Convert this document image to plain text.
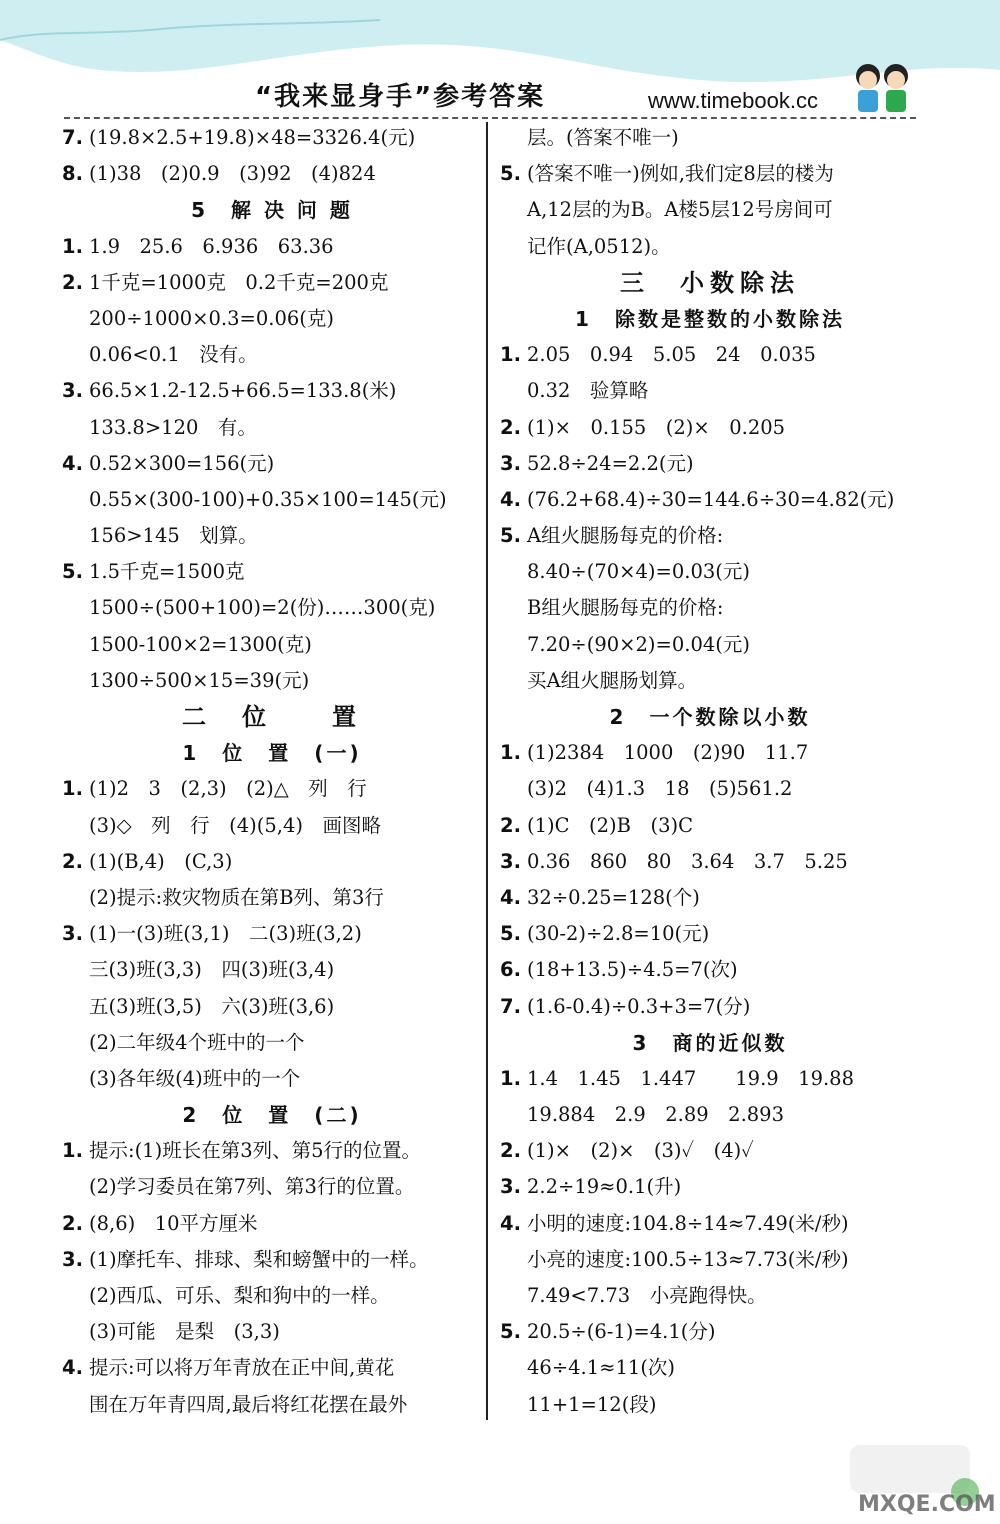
“我来显身手”参考答案	www.timebook.cc
7. (19.8×2.5+19.8)×48=3326.4(元)
8. (1)38　(2)0.9　(3)92　(4)824
5　解 决 问 题
1. 1.9　25.6　6.936　63.36
2. 1千克=1000克　0.2千克=200克
200÷1000×0.3=0.06(克)
0.06<0.1　没有。
3. 66.5×1.2-12.5+66.5=133.8(米)
133.8>120　有。
4. 0.52×300=156(元)
0.55×(300-100)+0.35×100=145(元)
156>145　划算。
5. 1.5千克=1500克
1500÷(500+100)=2(份)……300(克)
1500-100×2=1300(克)
1300÷500×15=39(元)
二　位　　置
1　位　置　(一)
1. (1)2　3　(2,3)　(2)△　列　行
(3)◇　列　行　(4)(5,4)　画图略
2. (1)(B,4)　(C,3)
(2)提示:救灾物质在第B列、第3行
3. (1)一(3)班(3,1)　二(3)班(3,2)
三(3)班(3,3)　四(3)班(3,4)
五(3)班(3,5)　六(3)班(3,6)
(2)二年级4个班中的一个
(3)各年级(4)班中的一个
2　位　置　(二)
1. 提示:(1)班长在第3列、第5行的位置。
(2)学习委员在第7列、第3行的位置。
2. (8,6)　10平方厘米
3. (1)摩托车、排球、梨和螃蟹中的一样。
(2)西瓜、可乐、梨和狗中的一样。
(3)可能　是梨　(3,3)
4. 提示:可以将万年青放在正中间,黄花
围在万年青四周,最后将红花摆在最外
层。(答案不唯一)
5. (答案不唯一)例如,我们定8层的楼为
A,12层的为B。A楼5层12号房间可
记作(A,0512)。
三　小数除法
1　除数是整数的小数除法
1. 2.05　0.94　5.05　24　0.035
0.32　验算略
2. (1)×　0.155　(2)×　0.205
3. 52.8÷24=2.2(元)
4. (76.2+68.4)÷30=144.6÷30=4.82(元)
5. A组火腿肠每克的价格:
8.40÷(70×4)=0.03(元)
B组火腿肠每克的价格:
7.20÷(90×2)=0.04(元)
买A组火腿肠划算。
2　一个数除以小数
1. (1)2384　1000　(2)90　11.7
(3)2　(4)1.3　18　(5)561.2
2. (1)C　(2)B　(3)C
3. 0.36　860　80　3.64　3.7　5.25
4. 32÷0.25=128(个)
5. (30-2)÷2.8=10(元)
6. (18+13.5)÷4.5=7(次)
7. (1.6-0.4)÷0.3+3=7(分)
3　商的近似数
1. 1.4　1.45　1.447　　19.9　19.88
19.884　2.9　2.89　2.893
2. (1)×　(2)×　(3)✓　(4)✓
3. 2.2÷19≈0.1(升)
4. 小明的速度:104.8÷14≈7.49(米/秒)
小亮的速度:100.5÷13≈7.73(米/秒)
7.49<7.73　小亮跑得快。
5. 20.5÷(6-1)=4.1(分)
46÷4.1≈11(次)
11+1=12(段)
MXQE.COM
